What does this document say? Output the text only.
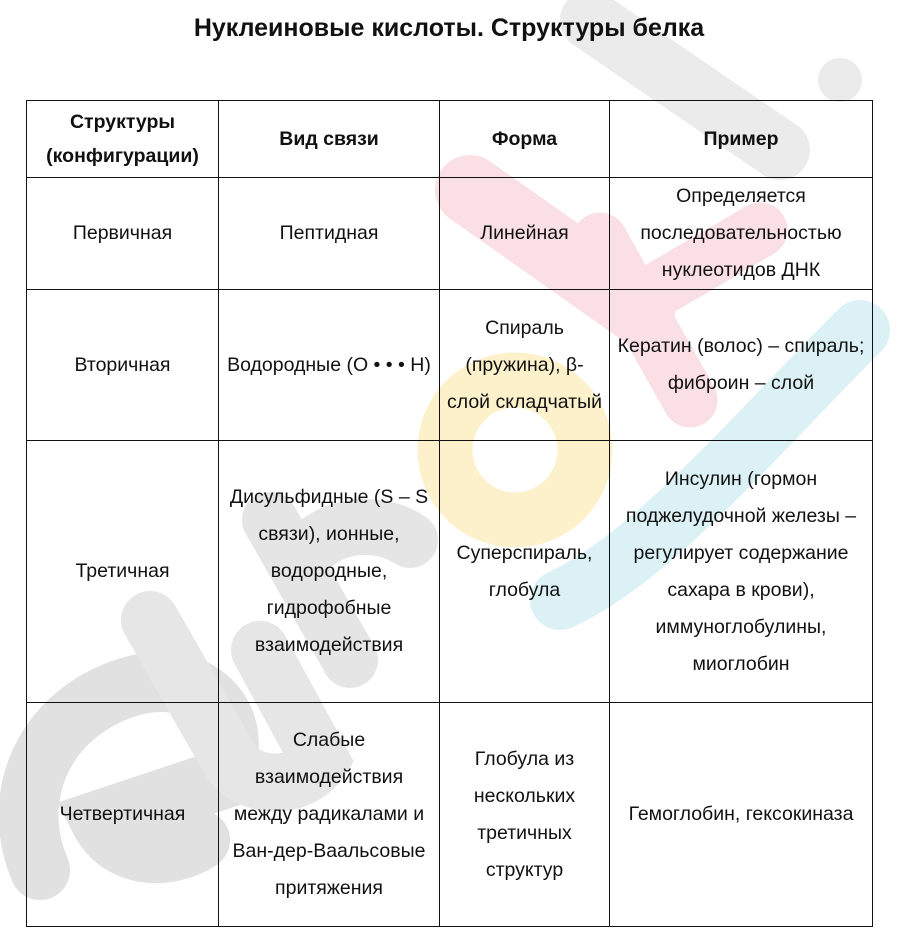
Нуклеиновые кислоты. Структуры белка
Структуры (конфигурации)	Вид связи	Форма	Пример
Первичная	Пептидная	Линейная	Определяется последовательностью нуклеотидов ДНК
Вторичная	Водородные (O • • • H)	Спираль (пружина), β-слой складчатый	Кератин (волос) – спираль; фиброин – слой
Третичная	Дисульфидные (S – S связи), ионные, водородные, гидрофобные взаимодействия	Суперспираль, глобула	Инсулин (гормон поджелудочной железы – регулирует содержание сахара в крови), иммуноглобулины, миоглобин
Четвертичная	Слабые взаимодействия между радикалами и Ван-дер-Ваальсовые притяжения	Глобула из нескольких третичных структур	Гемоглобин, гексокиназа
